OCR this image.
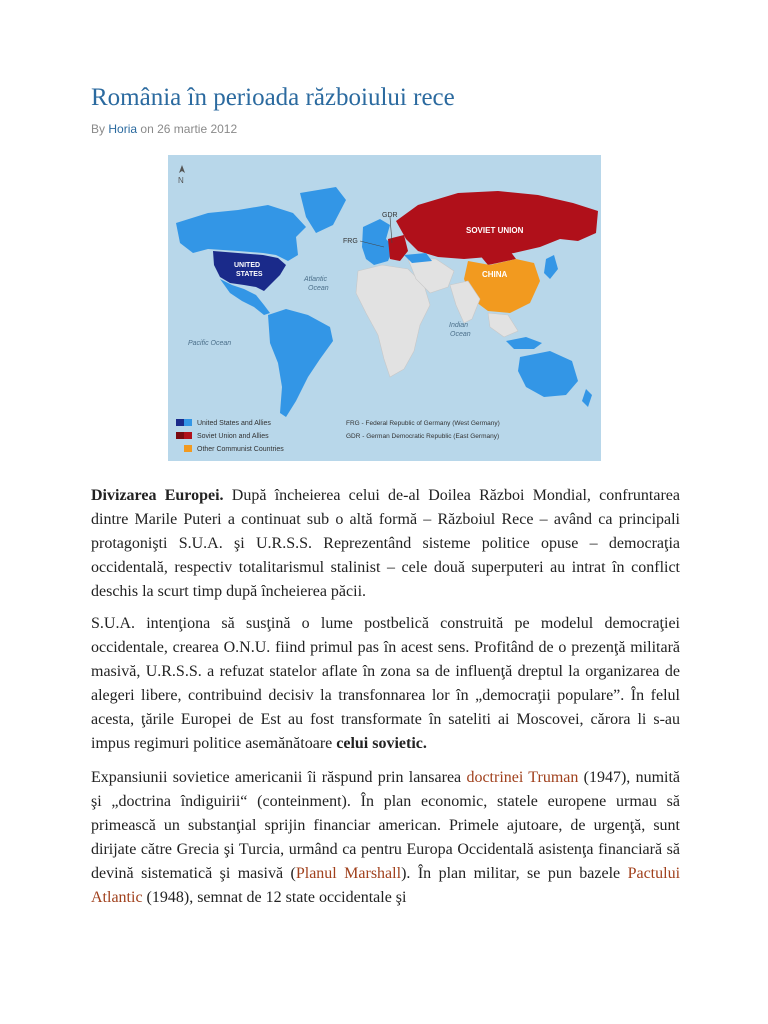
România în perioada războiului rece
By Horia on 26 martie 2012
N
GDR
FRG
SOVIET UNION
CHINA
UNITED
STATES
Atlantic
Ocean
Pacific Ocean
Indian
Ocean
United States and Allies
Soviet Union and Allies
Other Communist Countries
FRG - Federal Republic of Germany (West Germany)
GDR - German Democratic Republic (East Germany)

Divizarea Europei. După încheierea celui de-al Doilea Război Mondial, confruntarea dintre Marile Puteri a continuat sub o altă formă – Războiul Rece – având ca principali protagonişti S.U.A. şi U.R.S.S. Reprezentând sisteme politice opuse – democraţia occidentală, respectiv totalitarismul stalinist – cele două superputeri au intrat în conflict deschis la scurt timp după încheierea păcii.

S.U.A. intenţiona să susţină o lume postbelică construită pe modelul democraţiei occidentale, crearea O.N.U. fiind primul pas în acest sens. Profitând de o prezenţă militară masivă, U.R.S.S. a refuzat statelor aflate în zona sa de influenţă dreptul la organizarea de alegeri libere, contribuind decisiv la transfonnarea lor în „democraţii populare”. În felul acesta, ţările Europei de Est au fost transformate în sateliti ai Moscovei, cărora li s-au impus regimuri politice asemănătoare celui sovietic.

Expansiunii sovietice americanii îi răspund prin lansarea doctrinei Truman (1947), numită şi „doctrina îndiguirii“ (conteinment). În plan economic, statele europene urmau să primească un substanţial sprijin financiar american. Primele ajutoare, de urgenţă, sunt dirijate către Grecia şi Turcia, urmând ca pentru Europa Occidentală asistenţa financiară să devină sistematică şi masivă (Planul Marshall). În plan militar, se pun bazele Pactului Atlantic (1948), semnat de 12 state occidentale şi
